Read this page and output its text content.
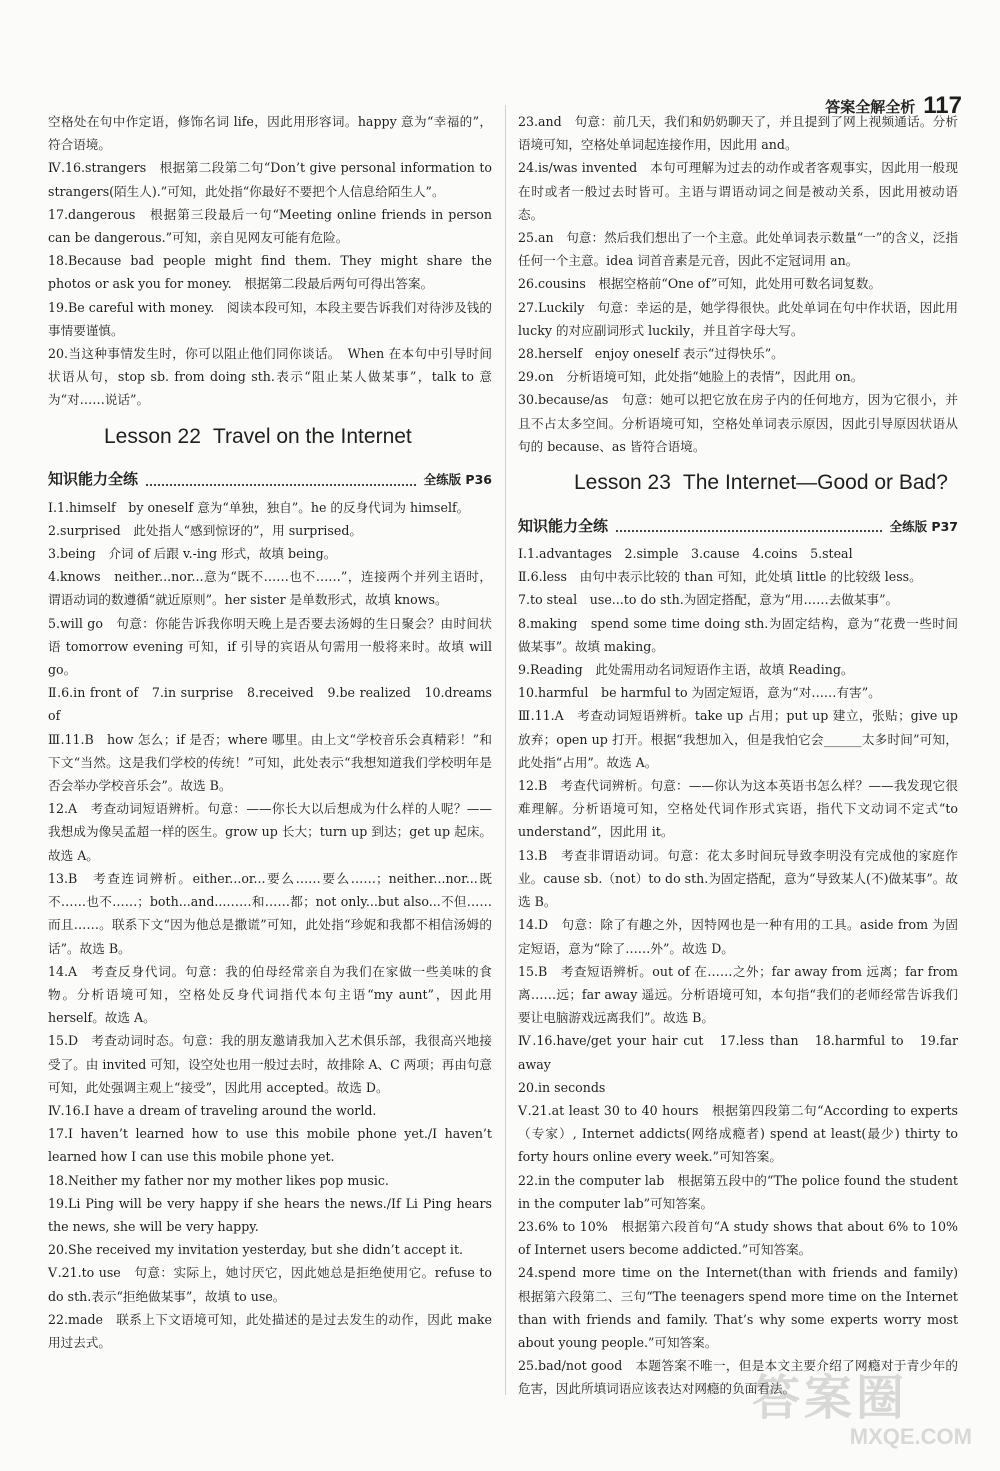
答案全解全析 117

空格处在句中作定语，修饰名词 life，因此用形容词。happy 意为“幸福的”，符合语境。

Ⅳ.16.strangers　根据第二段第二句“Don’t give personal information to strangers(陌生人).”可知，此处指“你最好不要把个人信息给陌生人”。

17.dangerous　根据第三段最后一句“Meeting online friends in person can be dangerous.”可知，亲自见网友可能有危险。

18.Because bad people might find them. They might share the photos or ask you for money.　根据第二段最后两句可得出答案。

19.Be careful with money.　阅读本段可知，本段主要告诉我们对待涉及钱的事情要谨慎。

20.当这种事情发生时，你可以阻止他们同你谈话。　When 在本句中引导时间状语从句，stop sb. from doing sth.表示“阻止某人做某事”，talk to 意为“对……说话”。

Lesson 22 Travel on the Internet
知识能力全练	全练版 P36

Ⅰ.1.himself　by oneself 意为“单独，独自”。he 的反身代词为 himself。

2.surprised　此处指人“感到惊讶的”，用 surprised。

3.being　介词 of 后跟 v.-ing 形式，故填 being。

4.knows　neither...nor...意为“既不……也不……”，连接两个并列主语时，谓语动词的数遵循“就近原则”。her sister 是单数形式，故填 knows。

5.will go　句意：你能告诉我你明天晚上是否要去汤姆的生日聚会？由时间状语 tomorrow evening 可知，if 引导的宾语从句需用一般将来时。故填 will go。

Ⅱ.6.in front of　7.in surprise　8.received　9.be realized　10.dreams of

Ⅲ.11.B　how 怎么；if 是否；where 哪里。由上文“学校音乐会真精彩！”和下文“当然。这是我们学校的传统！”可知，此处表示“我想知道我们学校明年是否会举办学校音乐会”。故选 B。

12.A　考查动词短语辨析。句意：——你长大以后想成为什么样的人呢？——我想成为像吴孟超一样的医生。grow up 长大；turn up 到达；get up 起床。故选 A。

13.B　考查连词辨析。either...or...要么……要么……；neither...nor...既不……也不……；both...and...……和……都；not only...but also...不但……而且……。联系下文“因为他总是撒谎”可知，此处指“珍妮和我都不相信汤姆的话”。故选 B。

14.A　考查反身代词。句意：我的伯母经常亲自为我们在家做一些美味的食物。分析语境可知，空格处反身代词指代本句主语“my aunt”，因此用 herself。故选 A。

15.D　考查动词时态。句意：我的朋友邀请我加入艺术俱乐部，我很高兴地接受了。由 invited 可知，设空处也用一般过去时，故排除 A、C 两项；再由句意可知，此处强调主观上“接受”，因此用 accepted。故选 D。

Ⅳ.16.I have a dream of traveling around the world.

17.I haven’t learned how to use this mobile phone yet./I haven’t learned how I can use this mobile phone yet.

18.Neither my father nor my mother likes pop music.

19.Li Ping will be very happy if she hears the news./If Li Ping hears the news, she will be very happy.

20.She received my invitation yesterday, but she didn’t accept it.

Ⅴ.21.to use　句意：实际上，她讨厌它，因此她总是拒绝使用它。refuse to do sth.表示“拒绝做某事”，故填 to use。

22.made　联系上下文语境可知，此处描述的是过去发生的动作，因此 make 用过去式。

23.and　句意：前几天，我们和奶奶聊天了，并且提到了网上视频通话。分析语境可知，空格处单词起连接作用，因此用 and。

24.is/was invented　本句可理解为过去的动作或者客观事实，因此用一般现在时或者一般过去时皆可。主语与谓语动词之间是被动关系，因此用被动语态。

25.an　句意：然后我们想出了一个主意。此处单词表示数量“一”的含义，泛指任何一个主意。idea 词首音素是元音，因此不定冠词用 an。

26.cousins　根据空格前“One of”可知，此处用可数名词复数。

27.Luckily　句意：幸运的是，她学得很快。此处单词在句中作状语，因此用 lucky 的对应副词形式 luckily，并且首字母大写。

28.herself　enjoy oneself 表示“过得快乐”。

29.on　分析语境可知，此处指“她脸上的表情”，因此用 on。

30.because/as　句意：她可以把它放在房子内的任何地方，因为它很小，并且不占太多空间。分析语境可知，空格处单词表示原因，因此引导原因状语从句的 because、as 皆符合语境。

Lesson 23 The Internet—Good or Bad?
知识能力全练	全练版 P37

Ⅰ.1.advantages　2.simple　3.cause　4.coins　5.steal

Ⅱ.6.less　由句中表示比较的 than 可知，此处填 little 的比较级 less。

7.to steal　use...to do sth.为固定搭配，意为“用……去做某事”。

8.making　spend some time doing sth.为固定结构，意为“花费一些时间做某事”。故填 making。

9.Reading　此处需用动名词短语作主语，故填 Reading。

10.harmful　be harmful to 为固定短语，意为“对……有害”。

Ⅲ.11.A　考查动词短语辨析。take up 占用；put up 建立，张贴；give up 放弃；open up 打开。根据“我想加入，但是我怕它会______太多时间”可知，此处指“占用”。故选 A。

12.B　考查代词辨析。句意：——你认为这本英语书怎么样？——我发现它很难理解。分析语境可知，空格处代词作形式宾语，指代下文动词不定式“to understand”，因此用 it。

13.B　考查非谓语动词。句意：花太多时间玩导致李明没有完成他的家庭作业。cause sb.（not）to do sth.为固定搭配，意为“导致某人(不)做某事”。故选 B。

14.D　句意：除了有趣之外，因特网也是一种有用的工具。aside from 为固定短语，意为“除了……外”。故选 D。

15.B　考查短语辨析。out of 在……之外；far away from 远离；far from 离……远；far away 遥远。分析语境可知，本句指“我们的老师经常告诉我们要让电脑游戏远离我们”。故选 B。

Ⅳ.16.have/get your hair cut　17.less than　18.harmful to　19.far away

20.in seconds

Ⅴ.21.at least 30 to 40 hours　根据第四段第二句“According to experts（专家）, Internet addicts(网络成瘾者) spend at least(最少) thirty to forty hours online every week.”可知答案。

22.in the computer lab　根据第五段中的“The police found the student in the computer lab”可知答案。

23.6% to 10%　根据第六段首句“A study shows that about 6% to 10% of Internet users become addicted.”可知答案。

24.spend more time on the Internet(than with friends and family)　根据第六段第二、三句“The teenagers spend more time on the Internet than with friends and family. That’s why some experts worry most about young people.”可知答案。

25.bad/not good　本题答案不唯一，但是本文主要介绍了网瘾对于青少年的危害，因此所填词语应该表达对网瘾的负面看法。

答案圈
MXQE.COM
